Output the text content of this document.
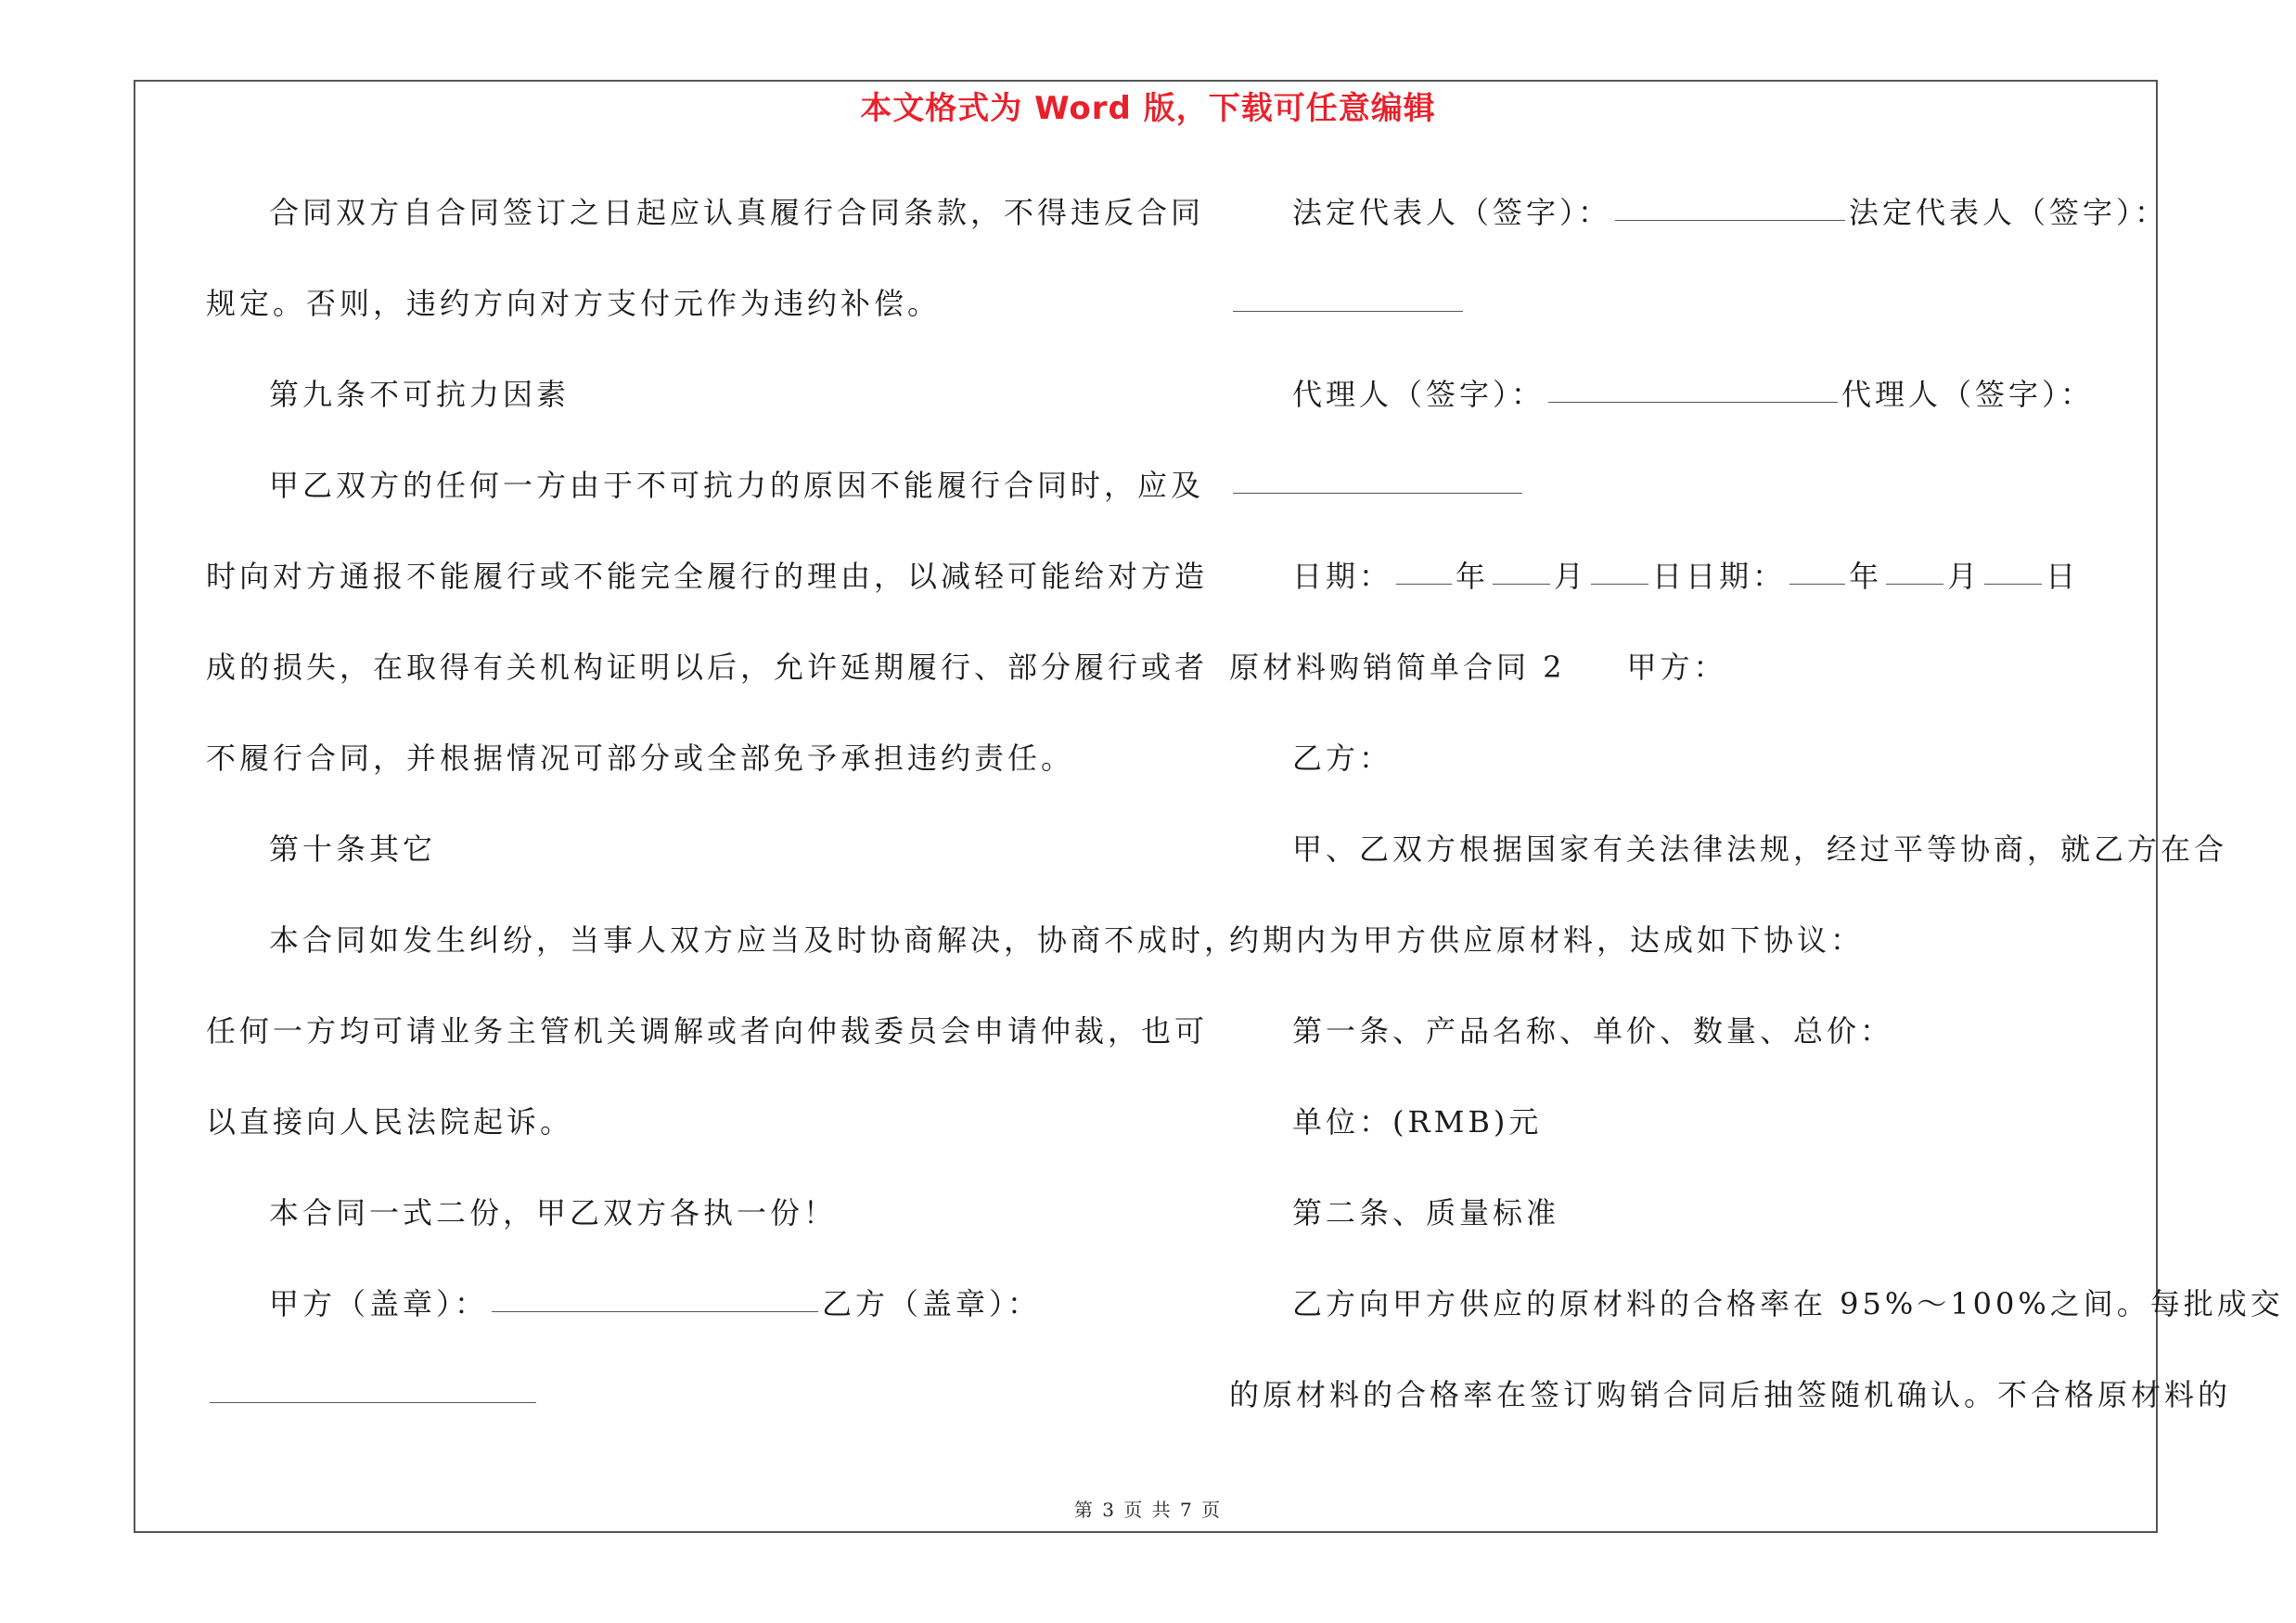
本文格式为 Word 版，下载可任意编辑
合同双方自合同签订之日起应认真履行合同条款，不得违反合同
规定。否则，违约方向对方支付元作为违约补偿。
第九条不可抗力因素
甲乙双方的任何一方由于不可抗力的原因不能履行合同时，应及
时向对方通报不能履行或不能完全履行的理由，以减轻可能给对方造
成的损失，在取得有关机构证明以后，允许延期履行、部分履行或者
不履行合同，并根据情况可部分或全部免予承担违约责任。
第十条其它
本合同如发生纠纷，当事人双方应当及时协商解决，协商不成时，
任何一方均可请业务主管机关调解或者向仲裁委员会申请仲裁，也可
以直接向人民法院起诉。
本合同一式二份，甲乙双方各执一份！
甲方（盖章）：	乙方（盖章）：
法定代表人（签字）：	法定代表人（签字）：
代理人（签字）：	代理人（签字）：
日期： 年 月 日日期： 年 月 日
原材料购销简单合同 2 甲方：
乙方：
甲、乙双方根据国家有关法律法规，经过平等协商，就乙方在合
约期内为甲方供应原材料，达成如下协议：
第一条、产品名称、单价、数量、总价：
单位：(RMB)元
第二条、质量标准
乙方向甲方供应的原材料的合格率在 95%～100%之间。每批成交
的原材料的合格率在签订购销合同后抽签随机确认。不合格原材料的
第 3 页 共 7 页
